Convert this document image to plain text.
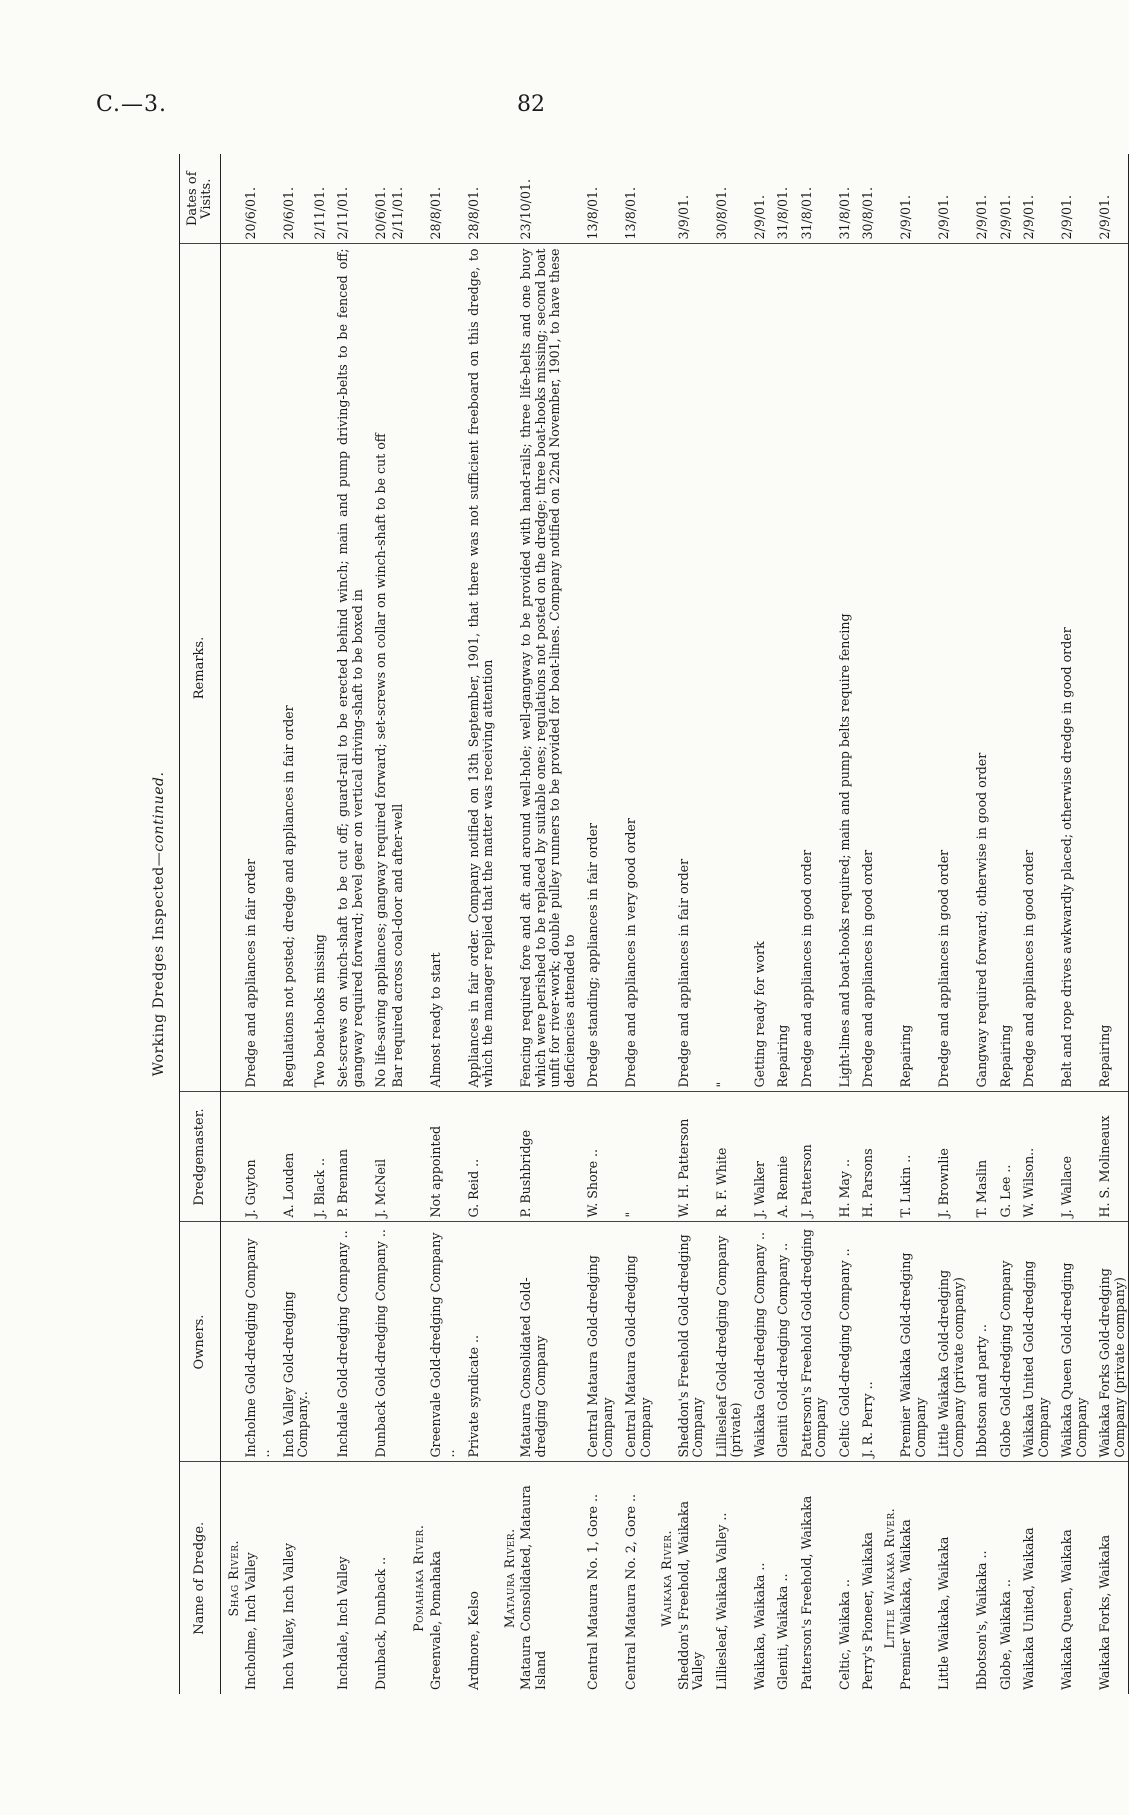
C.—3.	82
Working Dredges Inspected—continued.
Name of Dredge.	Owners.	Dredgemaster.	Remarks.	Dates of Visits.
Shag River.				
Incholme, Inch Valley	Incholme Gold-dredging Company ..	J. Guyton	Dredge and appliances in fair order	20/6/01.
Inch Valley, Inch Valley	Inch Valley Gold-dredging Company..	A. Louden	Regulations not posted; dredge and appliances in fair order	20/6/01.
		J. Black ..	Two boat-hooks missing	2/11/01.
Inchdale, Inch Valley	Inchdale Gold-dredging Company ..	P. Brennan	Set-screws on winch-shaft to be cut off; guard-rail to be erected behind winch; main and pump driving-belts to be fenced off; gangway required forward; bevel gear on vertical driving-shaft to be boxed in	2/11/01.
Dunback, Dunback ..	Dunback Gold-dredging Company ..	J. McNeil	No life-saving appliances; gangway required forward; set-screws on collar on winch-shaft to be cut off	20/6/01.
			Bar required across coal-door and after-well	2/11/01.
Pomahaka River.				
Greenvale, Pomahaka	Greenvale Gold-dredging Company ..	Not appointed	Almost ready to start	28/8/01.
Ardmore, Kelso	Private syndicate ..	G. Reid ..	Appliances in fair order. Company notified on 13th September, 1901, that there was not sufficient freeboard on this dredge, to which the manager replied that the matter was receiving attention	28/8/01.
Mataura River.				
Mataura Consolidated, Mataura Island	Mataura Consolidated Gold-dredging Company	P. Bushbridge	Fencing required fore and aft and around well-hole; well-gangway to be provided with hand-rails; three life-belts and one buoy which were perished to be replaced by suitable ones; regulations not posted on the dredge; three boat-hooks missing; second boat unfit for river-work; double pulley runners to be provided for boat-lines. Company notified on 22nd November, 1901, to have these deficiencies attended to	23/10/01.
Central Mataura No. 1, Gore ..	Central Mataura Gold-dredging Company	W. Shore ..	Dredge standing; appliances in fair order	13/8/01.
Central Mataura No. 2, Gore ..	Central Mataura Gold-dredging Company	"	Dredge and appliances in very good order	13/8/01.
Waikaka River.				
Sheddon's Freehold, Waikaka Valley	Sheddon's Freehold Gold-dredging Company	W. H. Patterson	Dredge and appliances in fair order	3/9/01.
Lilliesleaf, Waikaka Valley ..	Lilliesleaf Gold-dredging Company (private)	R. F. White	"	30/8/01.
Waikaka, Waikaka ..	Waikaka Gold-dredging Company ..	J. Walker	Getting ready for work	2/9/01.
Gleniti, Waikaka ..	Gleniti Gold-dredging Company ..	A. Rennie	Repairing	31/8/01.
Patterson's Freehold, Waikaka	Patterson's Freehold Gold-dredging Company	J. Patterson	Dredge and appliances in good order	31/8/01.
Celtic, Waikaka ..	Celtic Gold-dredging Company ..	H. May ..	Light-lines and boat-hooks required; main and pump belts require fencing	31/8/01.
Perry's Pioneer, Waikaka	J. R. Perry ..	H. Parsons	Dredge and appliances in good order	30/8/01.
Little Waikaka River.				
Premier Waikaka, Waikaka	Premier Waikaka Gold-dredging Company	T. Lukin ..	Repairing	2/9/01.
Little Waikaka, Waikaka	Little Waikaka Gold-dredging Company (private company)	J. Brownlie	Dredge and appliances in good order	2/9/01.
Ibbotson's, Waikaka ..	Ibbotson and party ..	T. Maslin	Gangway required forward; otherwise in good order	2/9/01.
Globe, Waikaka ..	Globe Gold-dredging Company	G. Lee ..	Repairing	2/9/01.
Waikaka United, Waikaka	Waikaka United Gold-dredging Company	W. Wilson..	Dredge and appliances in good order	2/9/01.
Waikaka Queen, Waikaka	Waikaka Queen Gold-dredging Company	J. Wallace	Belt and rope drives awkwardly placed; otherwise dredge in good order	2/9/01.
Waikaka Forks, Waikaka	Waikaka Forks Gold-dredging Company (private company)	H. S. Molineaux	Repairing	2/9/01.
